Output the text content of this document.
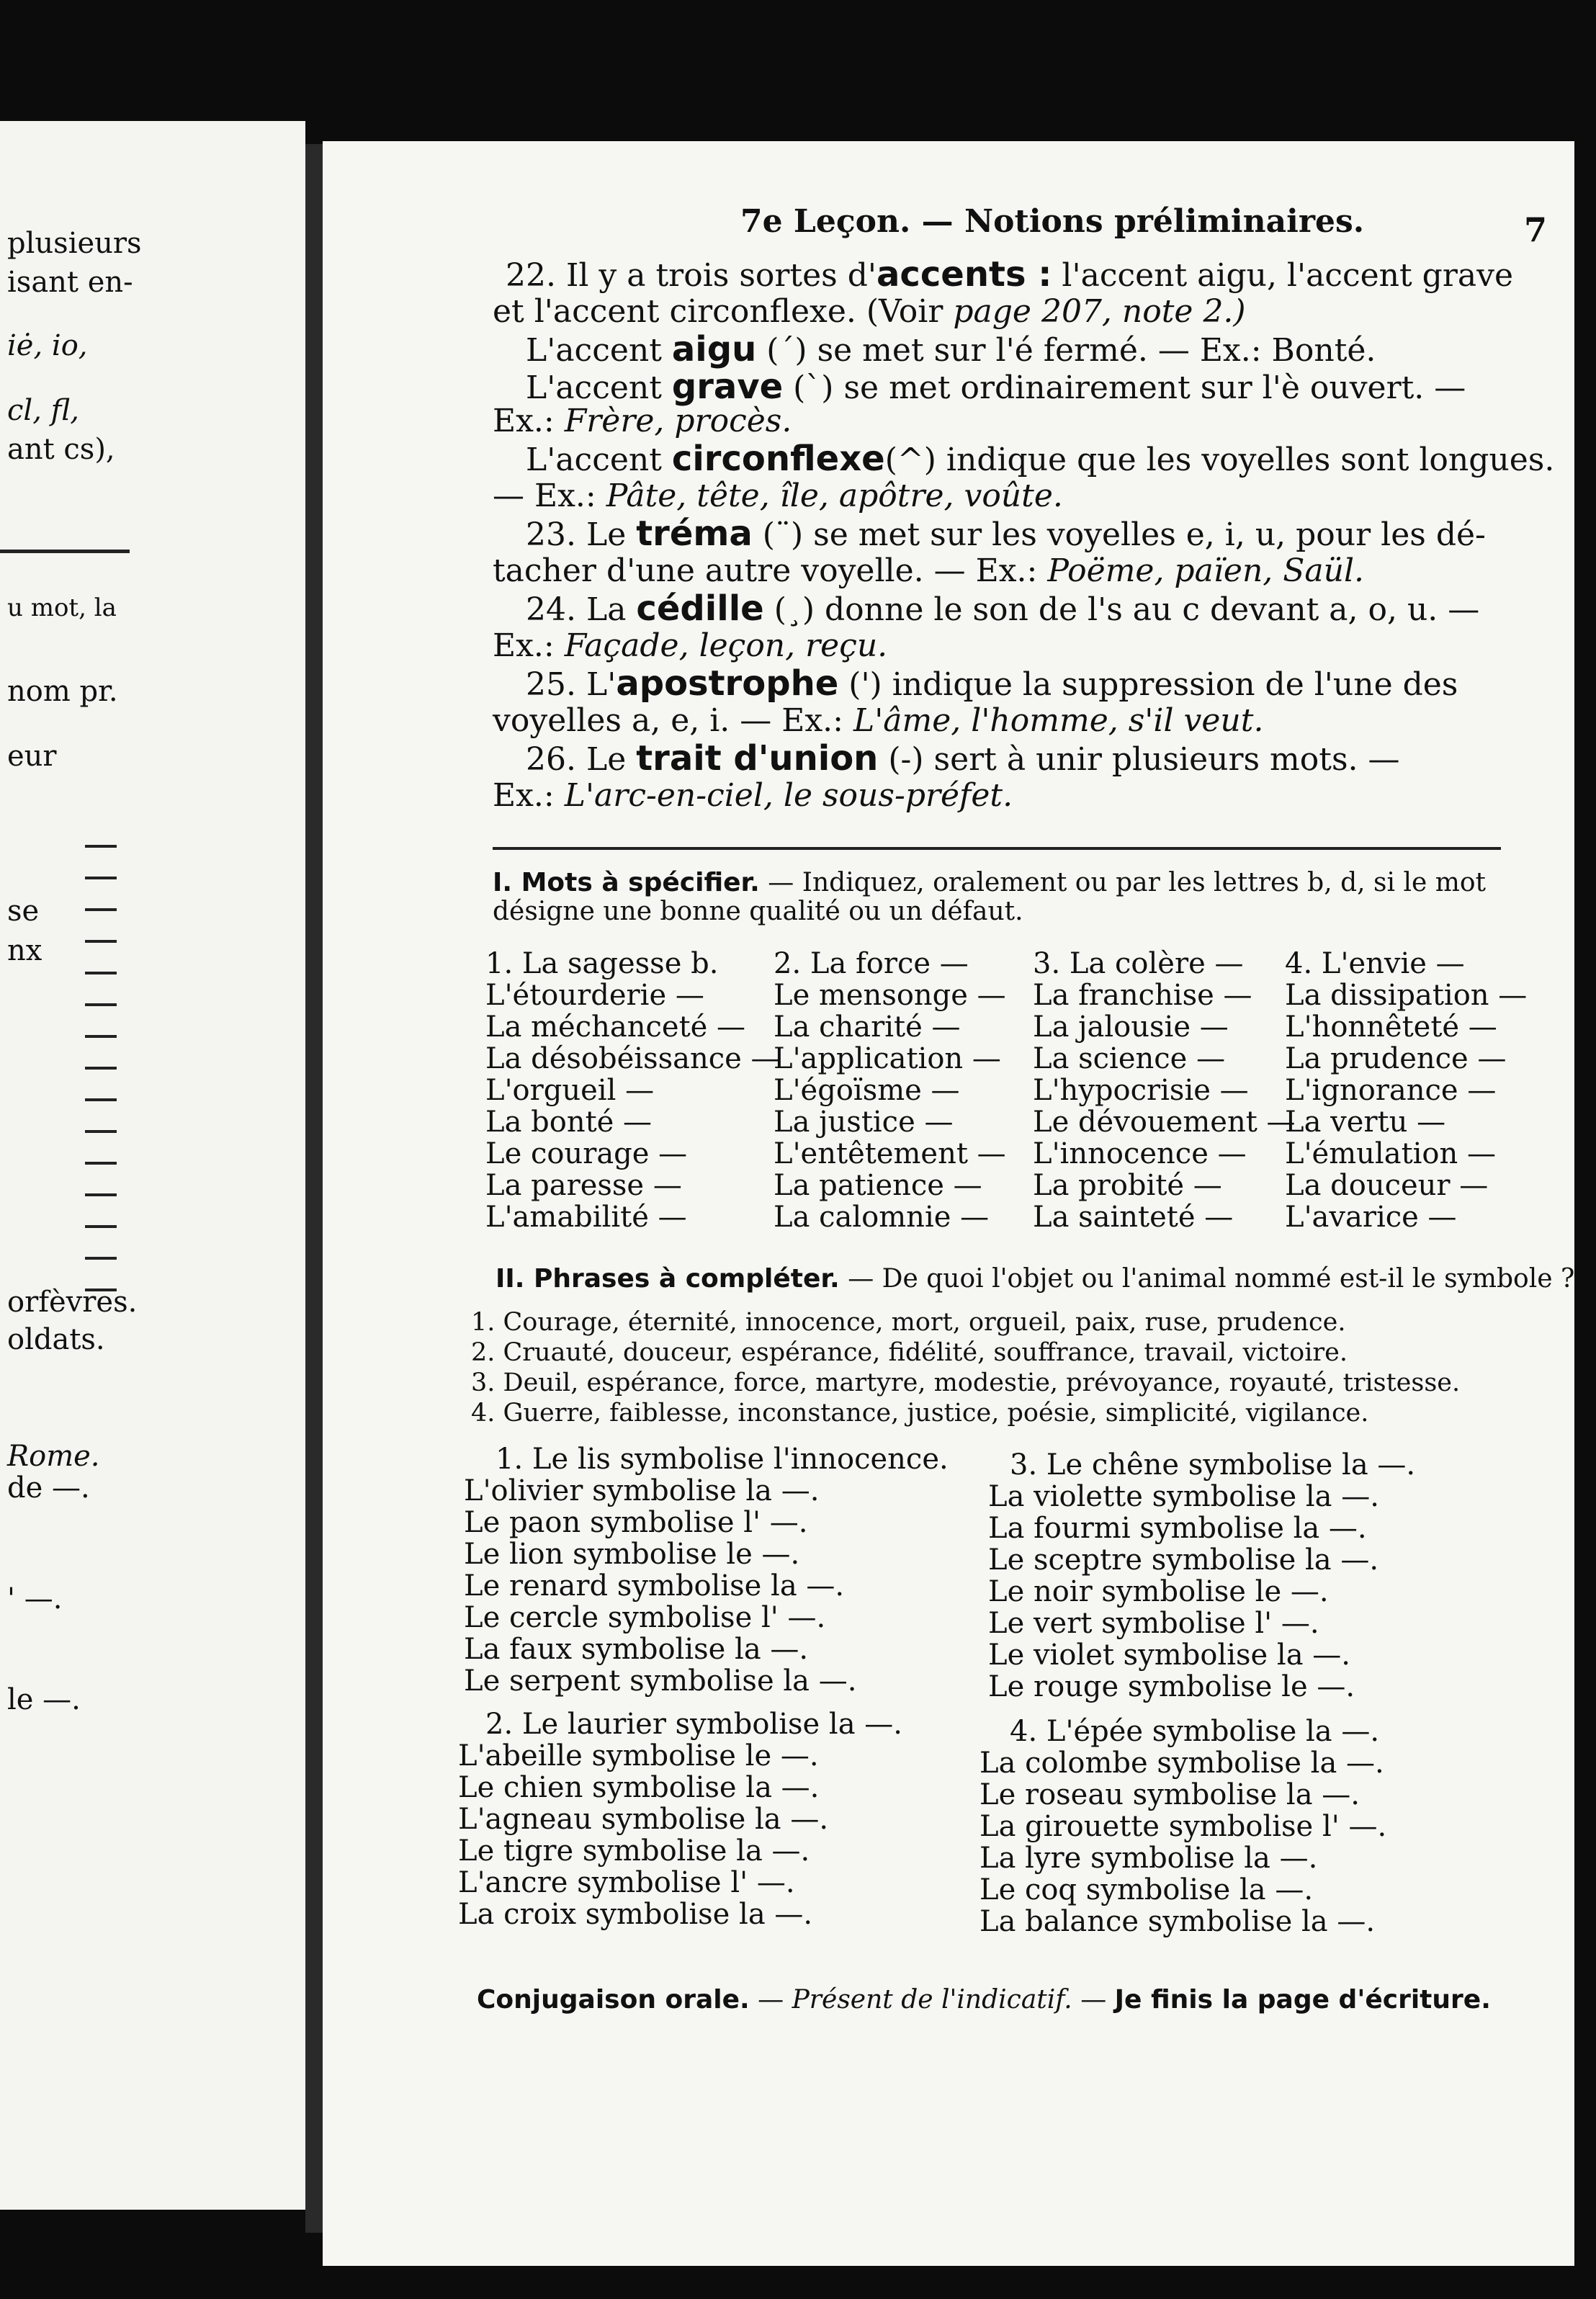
plusieurs
isant en-
iė, io,
cl, fl,
ant cs),
u mot, la
nom pr.
eur
se
nx
orfèvres.
oldats.
Rome.
de —.
' —.
le —.
7e Leçon. — Notions préliminaires.	7
22. Il y a trois sortes d'accents : l'accent aigu, l'accent grave
et l'accent circonflexe. (Voir page 207, note 2.)
L'accent aigu (´) se met sur l'é fermé. — Ex.: Bonté.
L'accent grave (`) se met ordinairement sur l'è ouvert. —
Ex.: Frère, procès.
L'accent circonflexe(^) indique que les voyelles sont longues.
— Ex.: Pâte, tête, île, apôtre, voûte.
23. Le tréma (¨) se met sur les voyelles e, i, u, pour les dé-
tacher d'une autre voyelle. — Ex.: Poëme, païen, Saül.
24. La cédille (¸) donne le son de l's au c devant a, o, u. —
Ex.: Façade, leçon, reçu.
25. L'apostrophe (') indique la suppression de l'une des
voyelles a, e, i. — Ex.: L'âme, l'homme, s'il veut.
26. Le trait d'union (-) sert à unir plusieurs mots. —
Ex.: L'arc-en-ciel, le sous-préfet.
I. Mots à spécifier. — Indiquez, oralement ou par les lettres b, d, si le mot
désigne une bonne qualité ou un défaut.
1. La sagesse b.
L'étourderie —
La méchanceté —
La désobéissance —
L'orgueil —
La bonté —
Le courage —
La paresse —
L'amabilité —
2. La force —
Le mensonge —
La charité —
L'application —
L'égoïsme —
La justice —
L'entêtement —
La patience —
La calomnie —
3. La colère —
La franchise —
La jalousie —
La science —
L'hypocrisie —
Le dévouement —
L'innocence —
La probité —
La sainteté —
4. L'envie —
La dissipation —
L'honnêteté —
La prudence —
L'ignorance —
La vertu —
L'émulation —
La douceur —
L'avarice —
II. Phrases à compléter. — De quoi l'objet ou l'animal nommé est-il le symbole ?
1. Courage, éternité, innocence, mort, orgueil, paix, ruse, prudence.
2. Cruauté, douceur, espérance, fidélité, souffrance, travail, victoire.
3. Deuil, espérance, force, martyre, modestie, prévoyance, royauté, tristesse.
4. Guerre, faiblesse, inconstance, justice, poésie, simplicité, vigilance.
1. Le lis symbolise l'innocence.
L'olivier symbolise la —.
Le paon symbolise l' —.
Le lion symbolise le —.
Le renard symbolise la —.
Le cercle symbolise l' —.
La faux symbolise la —.
Le serpent symbolise la —.
3. Le chêne symbolise la —.
La violette symbolise la —.
La fourmi symbolise la —.
Le sceptre symbolise la —.
Le noir symbolise le —.
Le vert symbolise l' —.
Le violet symbolise la —.
Le rouge symbolise le —.
2. Le laurier symbolise la —.
L'abeille symbolise le —.
Le chien symbolise la —.
L'agneau symbolise la —.
Le tigre symbolise la —.
L'ancre symbolise l' —.
La croix symbolise la —.
4. L'épée symbolise la —.
La colombe symbolise la —.
Le roseau symbolise la —.
La girouette symbolise l' —.
La lyre symbolise la —.
Le coq symbolise la —.
La balance symbolise la —.
Conjugaison orale. — Présent de l'indicatif. — Je finis la page d'écriture.
